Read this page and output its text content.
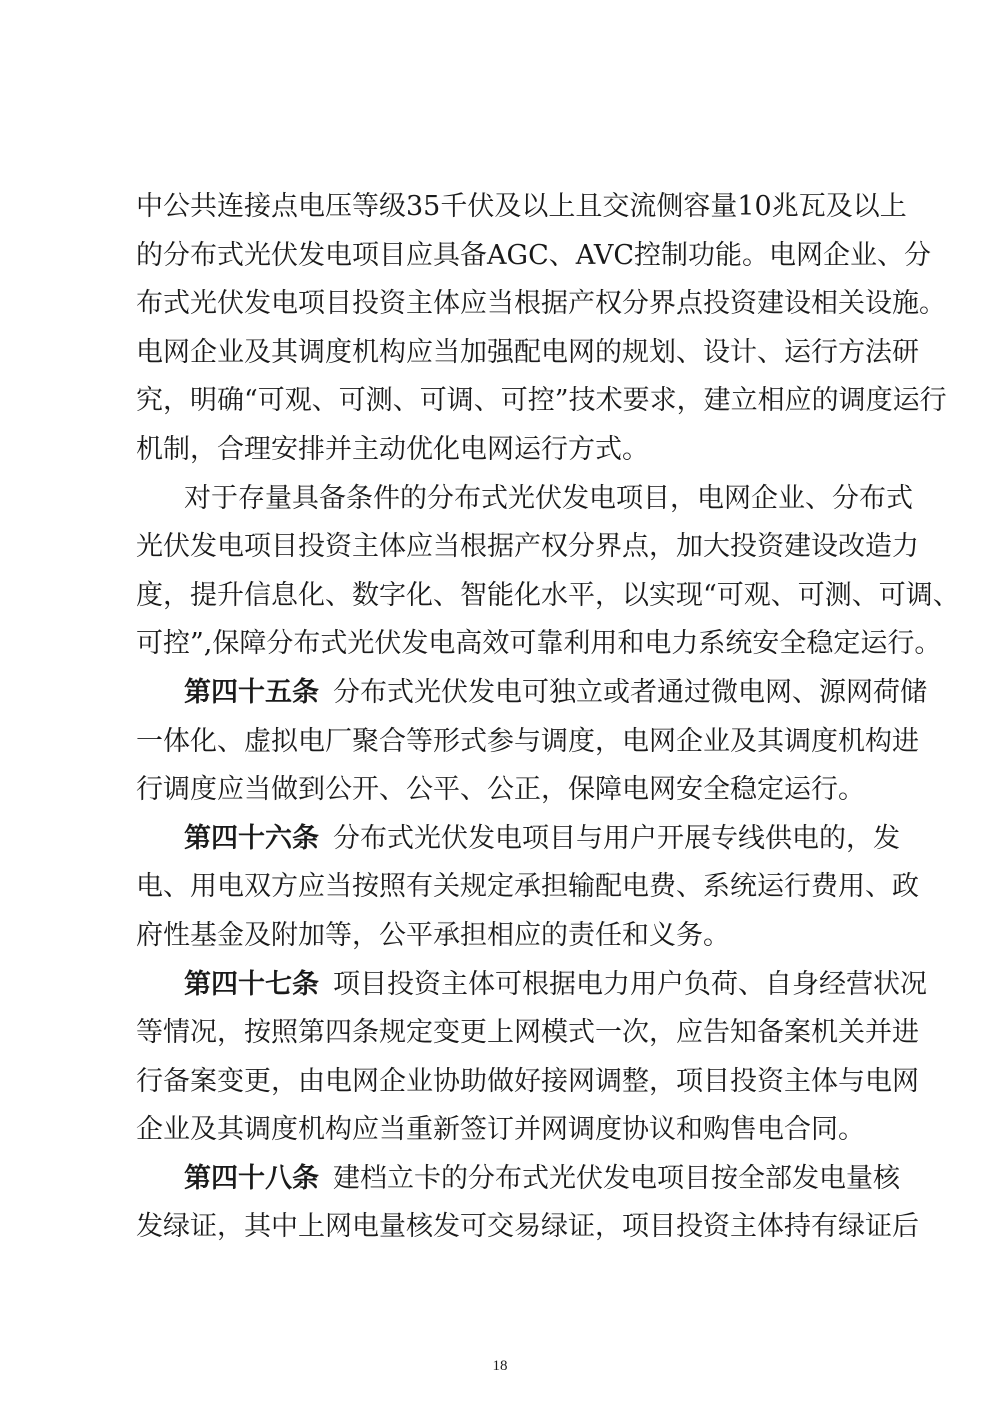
中公共连接点电压等级35千伏及以上且交流侧容量10兆瓦及以上
的分布式光伏发电项目应具备AGC、AVC控制功能。电网企业、分
布式光伏发电项目投资主体应当根据产权分界点投资建设相关设施。
电网企业及其调度机构应当加强配电网的规划、设计、运行方法研
究，明确“可观、可测、可调、可控”技术要求，建立相应的调度运行
机制，合理安排并主动优化电网运行方式。
对于存量具备条件的分布式光伏发电项目，电网企业、分布式
光伏发电项目投资主体应当根据产权分界点，加大投资建设改造力
度，提升信息化、数字化、智能化水平，以实现“可观、可测、可调、
可控”,保障分布式光伏发电高效可靠利用和电力系统安全稳定运行。
第四十五条 分布式光伏发电可独立或者通过微电网、源网荷储
一体化、虚拟电厂聚合等形式参与调度，电网企业及其调度机构进
行调度应当做到公开、公平、公正，保障电网安全稳定运行。
第四十六条 分布式光伏发电项目与用户开展专线供电的，发
电、用电双方应当按照有关规定承担输配电费、系统运行费用、政
府性基金及附加等，公平承担相应的责任和义务。
第四十七条 项目投资主体可根据电力用户负荷、自身经营状况
等情况，按照第四条规定变更上网模式一次，应告知备案机关并进
行备案变更，由电网企业协助做好接网调整，项目投资主体与电网
企业及其调度机构应当重新签订并网调度协议和购售电合同。
第四十八条 建档立卡的分布式光伏发电项目按全部发电量核
发绿证，其中上网电量核发可交易绿证，项目投资主体持有绿证后
18
